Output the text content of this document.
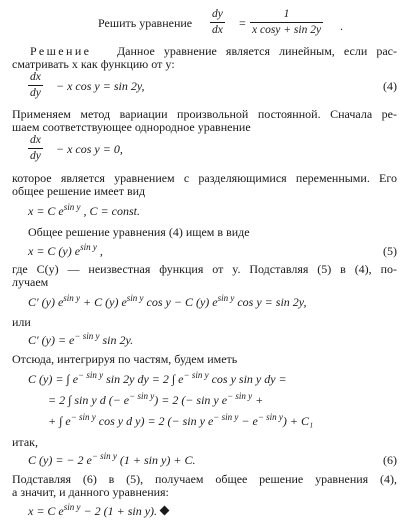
Решить уравнение $\frac{dy}{dx} = \frac{1}{\text{x cosy + sin 2y}}$ .
Решение Данное уравнение является линейным, если рас-
сматривать x как функцию от y:
$\frac{dx}{dy} - x$ cos y = sin 2y,	(4)
Применяем метод вариации произвольной постоянной. Сначала ре-
шаем соответствующее однородное уравнение
$\frac{dx}{dy} - x$ cos y = 0,
которое является уравнением с разделяющимися переменными. Его
общее решение имеет вид
x = C $e^{sin y}$ , C = const.
Общее решение уравнения (4) ищем в виде
x = C (y) $e^{sin y}$ ,	(5)
где C(y) — неизвестная функция от y. Подставляя (5) в (4), по-
лучаем
C′ (y) $e^{sin y} + C$ (y) $e^{sin y}$ cos y − C (y) $e^{sin y}$ cos y = sin 2y,
или
C′ $(y) = e^{- sin y}$ sin 2y.
Отсюда, интегрируя по частям, будем иметь
C (y) = ∫ $e^{- sin y}$ sin 2y dy = 2 ∫ $e^{- sin y}$ cos y sin y dy =
= 2 ∫ sin y d (− $e^{- sin y}) = 2$ (− sin y $e^{- sin y}$ +
+ ∫ $e^{- sin y}$ cos y d y) = 2 (− sin y $e^{- sin y} - e^{- sin y}) + C_1$
итак,
C (y) = − 2 $e^{- sin y}$ (1 + sin y) + C.	(6)
Подставляя (6) в (5), получаем общее решение уравнения (4),
а значит, и данного уравнения:
x = C $e^{sin y} - 2$ (1 + sin y).
